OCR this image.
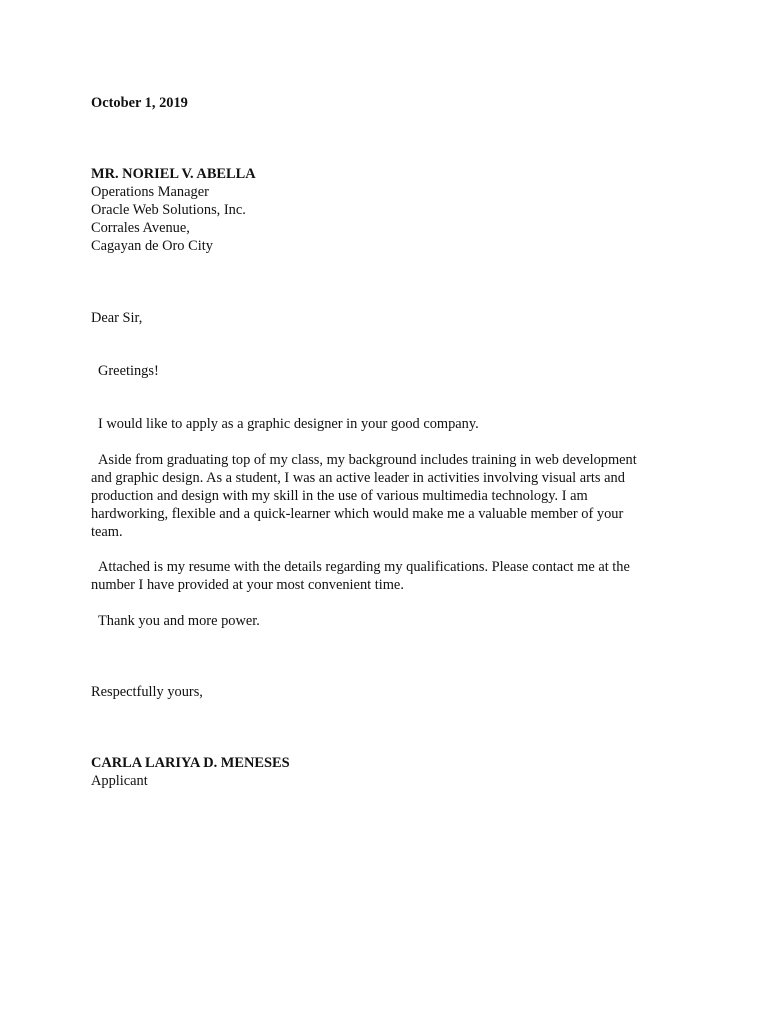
October 1, 2019

MR. NORIEL V. ABELLA

Operations Manager

Oracle Web Solutions, Inc.

Corrales Avenue,

Cagayan de Oro City

Dear Sir,

Greetings!

I would like to apply as a graphic designer in your good company.

Aside from graduating top of my class, my background includes training in web development

and graphic design. As a student, I was an active leader in activities involving visual arts and

production and design with my skill in the use of various multimedia technology. I am

hardworking, flexible and a quick-learner which would make me a valuable member of your

team.

Attached is my resume with the details regarding my qualifications. Please contact me at the

number I have provided at your most convenient time.

Thank you and more power.

Respectfully yours,

CARLA LARIYA D. MENESES

Applicant
